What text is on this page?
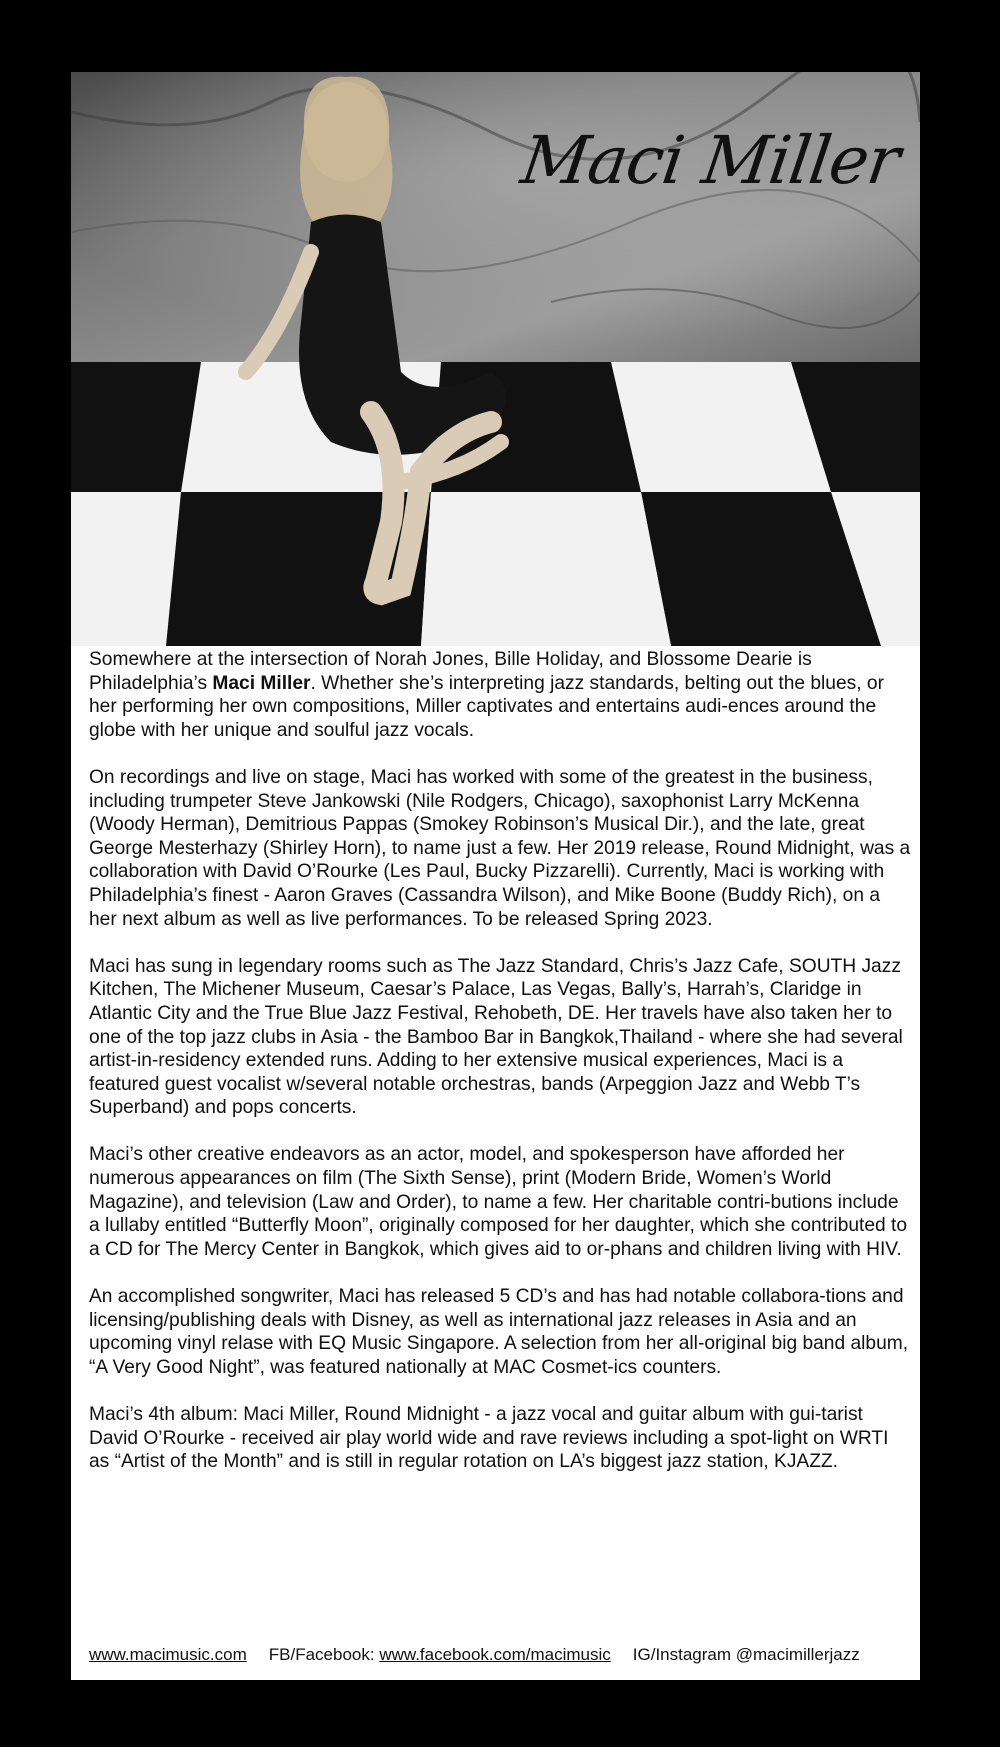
Maci Miller

Somewhere at the intersection of Norah Jones, Bille Holiday, and Blossome Dearie is Philadelphia’s Maci Miller. Whether she’s interpreting jazz standards, belting out the blues, or her performing her own compositions, Miller captivates and entertains audi-ences around the globe with her unique and soulful jazz vocals.

On recordings and live on stage, Maci has worked with some of the greatest in the business, including trumpeter Steve Jankowski (Nile Rodgers, Chicago), saxophonist Larry McKenna (Woody Herman), Demitrious Pappas (Smokey Robinson’s Musical Dir.), and the late, great George Mesterhazy (Shirley Horn), to name just a few. Her 2019 release, Round Midnight, was a collaboration with David O’Rourke (Les Paul, Bucky Pizzarelli). Currently, Maci is working with Philadelphia’s finest - Aaron Graves (Cassandra Wilson), and Mike Boone (Buddy Rich), on a her next album as well as live performances. To be released Spring 2023.

Maci has sung in legendary rooms such as The Jazz Standard, Chris’s Jazz Cafe, SOUTH Jazz Kitchen, The Michener Museum, Caesar’s Palace, Las Vegas, Bally’s, Harrah’s, Claridge in Atlantic City and the True Blue Jazz Festival, Rehobeth, DE. Her travels have also taken her to one of the top jazz clubs in Asia - the Bamboo Bar in Bangkok,Thailand - where she had several artist-in-residency extended runs. Adding to her extensive musical experiences, Maci is a featured guest vocalist w/several notable orchestras, bands (Arpeggion Jazz and Webb T’s Superband) and pops concerts.

Maci’s other creative endeavors as an actor, model, and spokesperson have afforded her numerous appearances on film (The Sixth Sense), print (Modern Bride, Women’s World Magazine), and television (Law and Order), to name a few. Her charitable contri-butions include a lullaby entitled “Butterfly Moon”, originally composed for her daughter, which she contributed to a CD for The Mercy Center in Bangkok, which gives aid to or-phans and children living with HIV.

An accomplished songwriter, Maci has released 5 CD’s and has had notable collabora-tions and licensing/publishing deals with Disney, as well as international jazz releases in Asia and an upcoming vinyl relase with EQ Music Singapore. A selection from her all-original big band album, “A Very Good Night”, was featured nationally at MAC Cosmet-ics counters.

Maci’s 4th album: Maci Miller, Round Midnight - a jazz vocal and guitar album with gui-tarist David O’Rourke - received air play world wide and rave reviews including a spot-light on WRTI as “Artist of the Month” and is still in regular rotation on LA’s biggest jazz station, KJAZZ.

www.macimusic.com FB/Facebook: www.facebook.com/macimusic IG/Instagram @macimillerjazz
